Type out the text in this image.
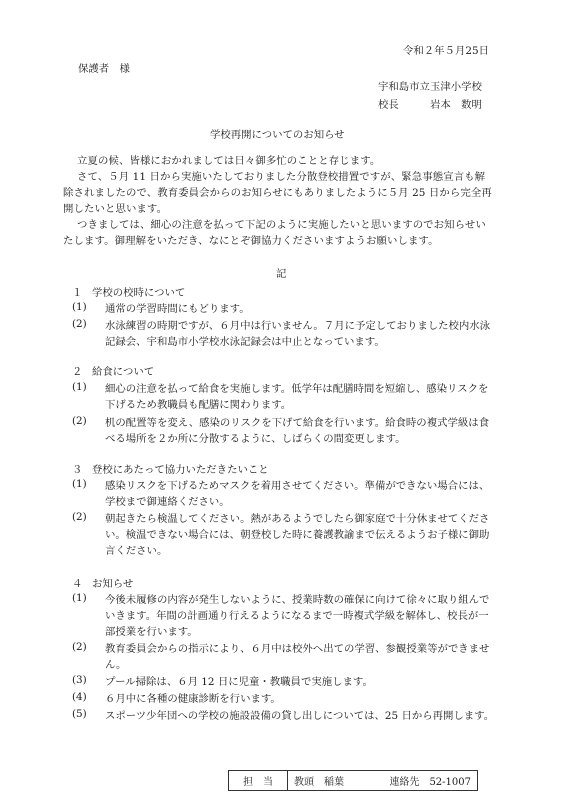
令和２年５月25日
保護者　様
宇和島市立玉津小学校
校長　　　岩本　数明
学校再開についてのお知らせ
立夏の候、皆様におかれましては日々御多忙のことと存じます。
さて、５月 11 日から実施いたしておりました分散登校措置ですが、緊急事態宣言も解除されましたので、教育委員会からのお知らせにもありましたように５月 25 日から完全再開したいと思います。
つきましては、細心の注意を払って下記のように実施したいと思いますのでお知らせいたします。御理解をいただき、なにとぞ御協力くださいますようお願いします。
記
１ 学校の校時について
(1) 通常の学習時間にもどります。
(2) 水泳練習の時期ですが、６月中は行いません。７月に予定しておりました校内水泳記録会、宇和島市小学校水泳記録会は中止となっています。
２ 給食について
(1) 細心の注意を払って給食を実施します。低学年は配膳時間を短縮し、感染リスクを下げるため教職員も配膳に関わります。
(2) 机の配置等を変え、感染のリスクを下げて給食を行います。給食時の複式学級は食べる場所を２か所に分散するように、しばらくの間変更します。
３ 登校にあたって協力いただきたいこと
(1) 感染リスクを下げるためマスクを着用させてください。準備ができない場合には、学校まで御連絡ください。
(2) 朝起きたら検温してください。熱があるようでしたら御家庭で十分休ませてください。検温できない場合には、朝登校した時に養護教諭まで伝えるようお子様に御助言ください。
４ お知らせ
(1) 今後未履修の内容が発生しないように、授業時数の確保に向けて徐々に取り組んでいきます。年間の計画通り行えるようになるまで一時複式学級を解体し、校長が一部授業を行います。
(2) 教育委員会からの指示により、６月中は校外へ出ての学習、参観授業等ができません。
(3) プール掃除は、６月 12 日に児童・教職員で実施します。
(4) ６月中に各種の健康診断を行います。
(5) スポーツ少年団への学校の施設設備の貸し出しについては、25 日から再開します。
担　当	教頭　稲葉	連絡先　 52-1007
